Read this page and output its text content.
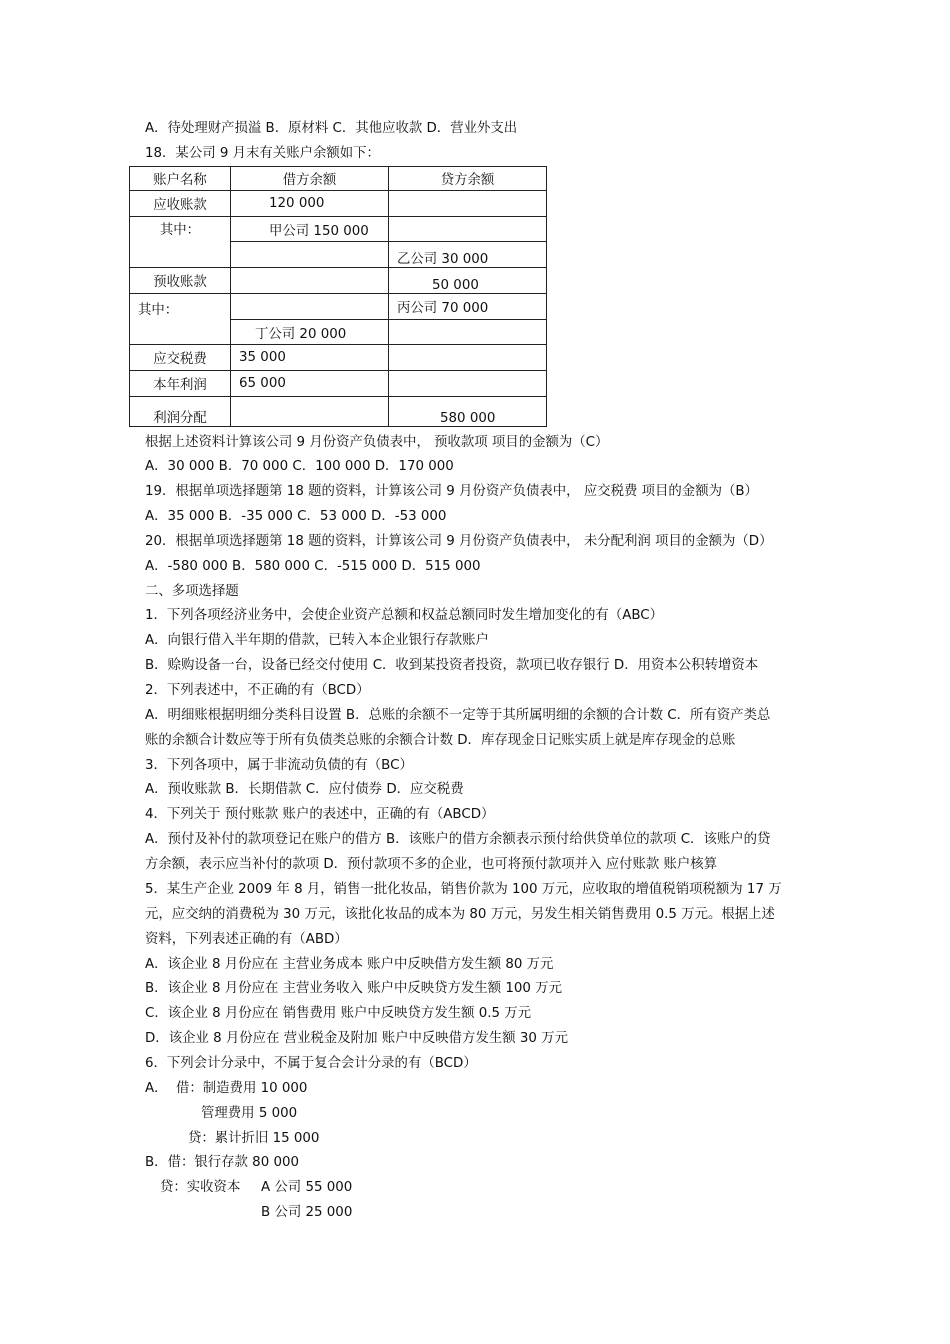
A．待处理财产损溢 B．原材料 C．其他应收款 D．营业外支出
18．某公司 9 月末有关账户余额如下：
账户名称	借方余额	贷方余额
应收账款	120 000	
其中：	甲公司 150 000	
		乙公司 30 000
预收账款		50 000
其中：		丙公司 70 000
	丁公司 20 000	
应交税费	35 000	
本年利润	65 000	
利润分配		580 000
根据上述资料计算该公司 9 月份资产负债表中， 预收款项 项目的金额为（C）
A．30 000 B．70 000 C．100 000 D．170 000
19．根据单项选择题第 18 题的资料，计算该公司 9 月份资产负债表中， 应交税费 项目的金额为（B）
A．35 000 B．-35 000 C．53 000 D．-53 000
20．根据单项选择题第 18 题的资料，计算该公司 9 月份资产负债表中， 未分配利润 项目的金额为（D）
A．-580 000 B．580 000 C．-515 000 D．515 000
二、多项选择题
1．下列各项经济业务中，会使企业资产总额和权益总额同时发生增加变化的有（ABC）
A．向银行借入半年期的借款，已转入本企业银行存款账户
B．赊购设备一台，设备已经交付使用 C．收到某投资者投资，款项已收存银行 D．用资本公积转增资本
2．下列表述中，不正确的有（BCD）
A．明细账根据明细分类科目设置 B．总账的余额不一定等于其所属明细的余额的合计数 C．所有资产类总
账的余额合计数应等于所有负债类总账的余额合计数 D．库存现金日记账实质上就是库存现金的总账
3．下列各项中，属于非流动负债的有（BC）
A．预收账款 B．长期借款 C．应付债券 D．应交税费
4．下列关于 预付账款 账户的表述中，正确的有（ABCD）
A．预付及补付的款项登记在账户的借方 B．该账户的借方余额表示预付给供贷单位的款项 C．该账户的贷
方余额，表示应当补付的款项 D．预付款项不多的企业，也可将预付款项并入 应付账款 账户核算
5．某生产企业 2009 年 8 月，销售一批化妆品，销售价款为 100 万元，应收取的增值税销项税额为 17 万
元，应交纳的消费税为 30 万元，该批化妆品的成本为 80 万元，另发生相关销售费用 0.5 万元。根据上述
资料，下列表述正确的有（ABD）
A．该企业 8 月份应在 主营业务成本 账户中反映借方发生额 80 万元
B．该企业 8 月份应在 主营业务收入 账户中反映贷方发生额 100 万元
C．该企业 8 月份应在 销售费用 账户中反映贷方发生额 0.5 万元
D．该企业 8 月份应在 营业税金及附加 账户中反映借方发生额 30 万元
6．下列会计分录中，不属于复合会计分录的有（BCD）
A． 借：制造费用 10 000
管理费用 5 000
贷：累计折旧 15 000
B．借：银行存款 80 000
贷：实收资本 A 公司 55 000
B 公司 25 000
